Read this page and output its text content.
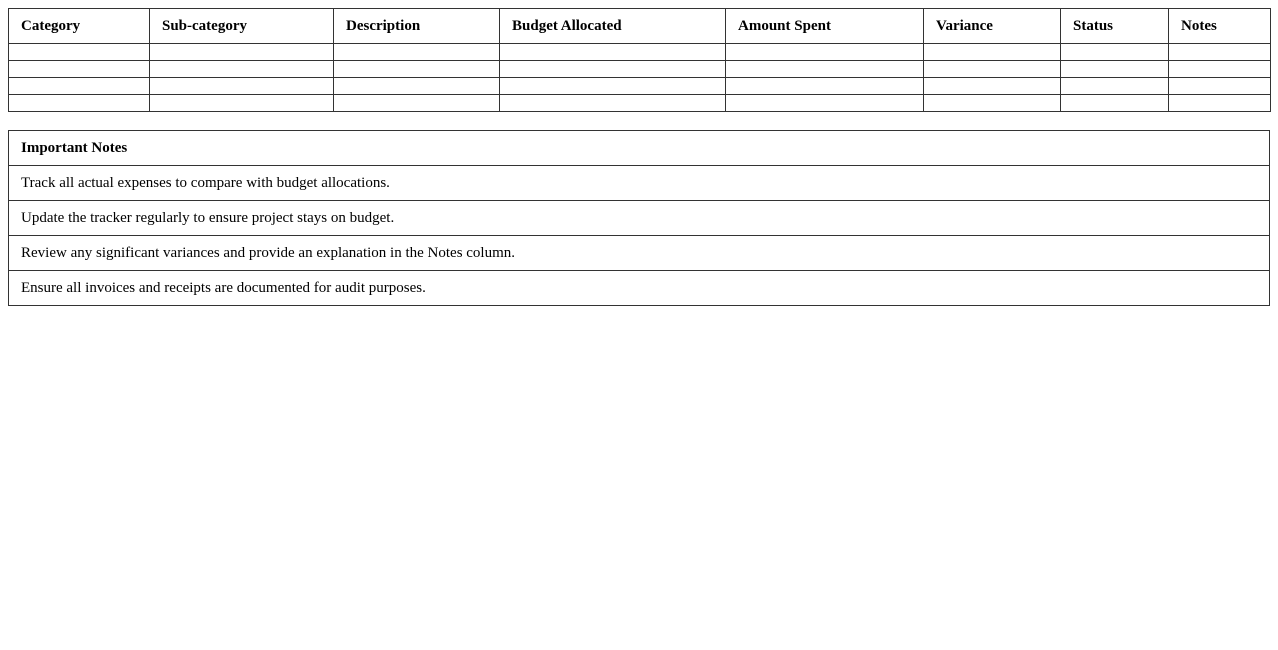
Category	Sub-category	Description	Budget Allocated	Amount Spent	Variance	Status	Notes

Important Notes
Track all actual expenses to compare with budget allocations.
Update the tracker regularly to ensure project stays on budget.
Review any significant variances and provide an explanation in the Notes column.
Ensure all invoices and receipts are documented for audit purposes.
